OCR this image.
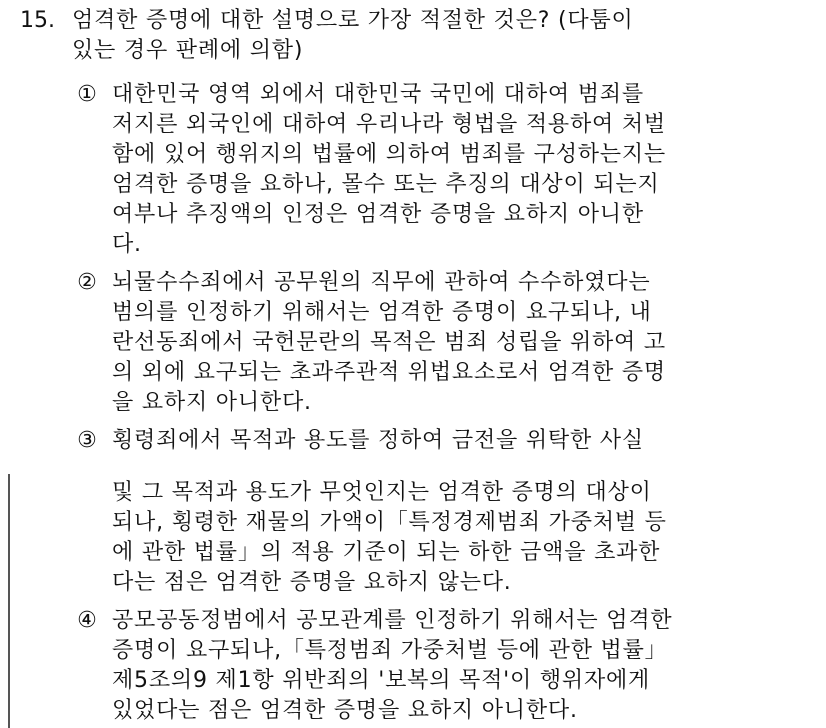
15. 엄격한 증명에 대한 설명으로 가장 적절한 것은? (다툼이
있는 경우 판례에 의함)
① 대한민국 영역 외에서 대한민국 국민에 대하여 범죄를
저지른 외국인에 대하여 우리나라 형법을 적용하여 처벌
함에 있어 행위지의 법률에 의하여 범죄를 구성하는지는
엄격한 증명을 요하나, 몰수 또는 추징의 대상이 되는지
여부나 추징액의 인정은 엄격한 증명을 요하지 아니한
다.
② 뇌물수수죄에서 공무원의 직무에 관하여 수수하였다는
범의를 인정하기 위해서는 엄격한 증명이 요구되나, 내
란선동죄에서 국헌문란의 목적은 범죄 성립을 위하여 고
의 외에 요구되는 초과주관적 위법요소로서 엄격한 증명
을 요하지 아니한다.
③ 횡령죄에서 목적과 용도를 정하여 금전을 위탁한 사실
및 그 목적과 용도가 무엇인지는 엄격한 증명의 대상이
되나, 횡령한 재물의 가액이「특정경제범죄 가중처벌 등
에 관한 법률」의 적용 기준이 되는 하한 금액을 초과한
다는 점은 엄격한 증명을 요하지 않는다.
④ 공모공동정범에서 공모관계를 인정하기 위해서는 엄격한
증명이 요구되나,「특정범죄 가중처벌 등에 관한 법률」
제5조의9 제1항 위반죄의 '보복의 목적'이 행위자에게
있었다는 점은 엄격한 증명을 요하지 아니한다.
